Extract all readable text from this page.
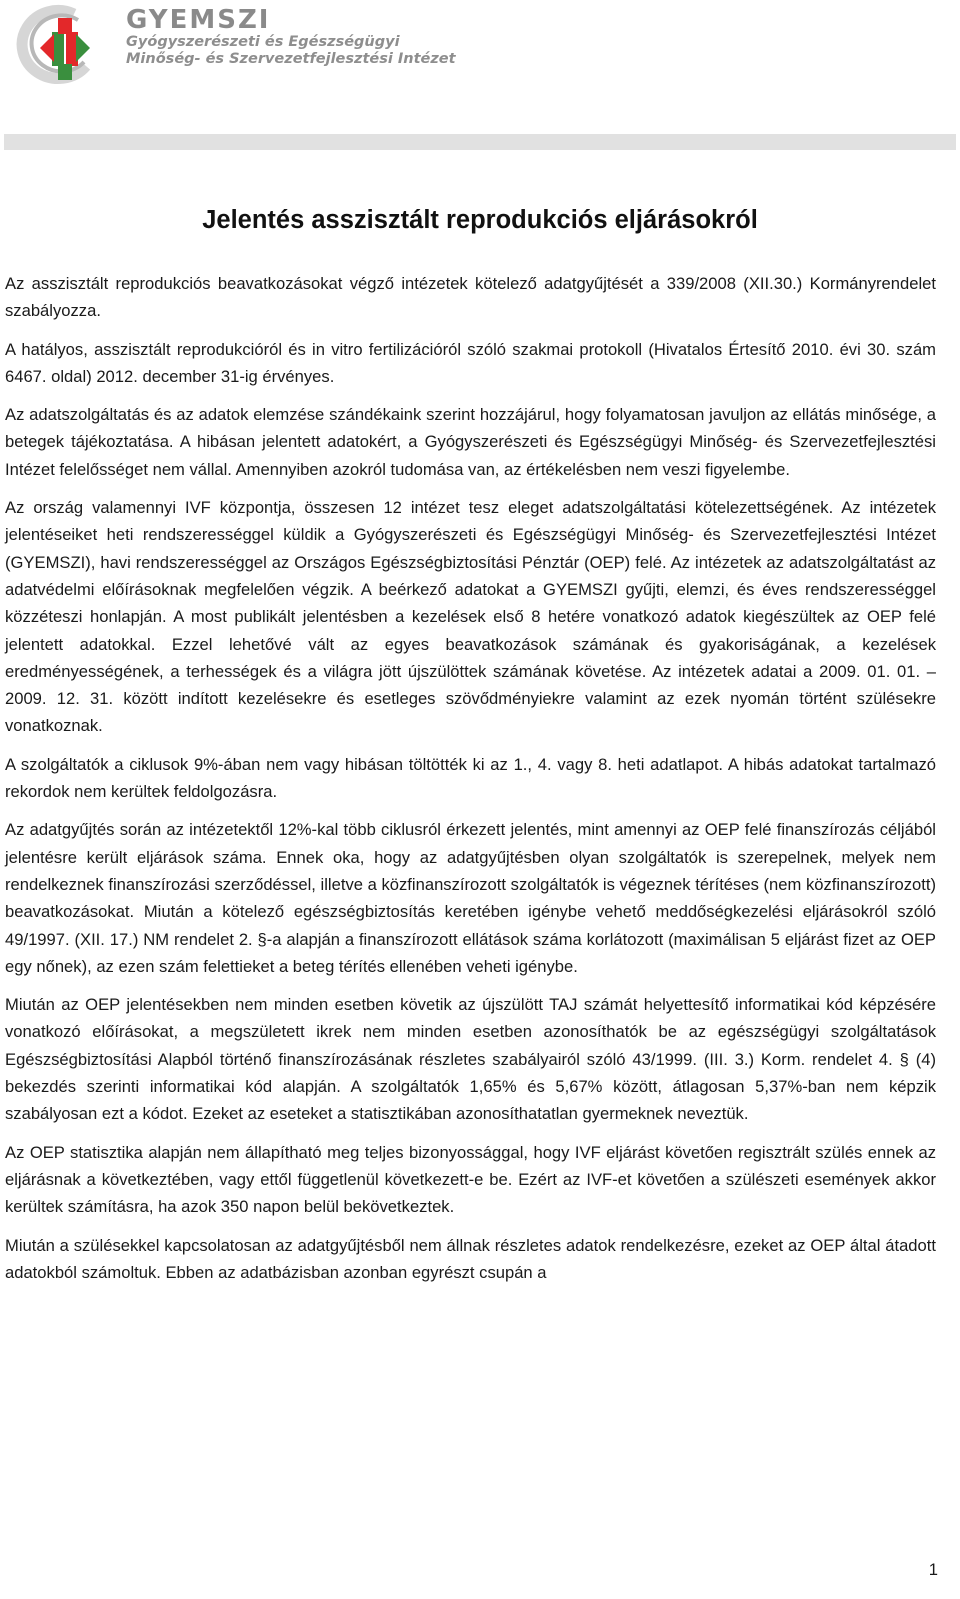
GYEMSZI
Gyógyszerészeti és Egészségügyi
Minőség- és Szervezetfejlesztési Intézet
Jelentés asszisztált reprodukciós eljárásokról

Az asszisztált reprodukciós beavatkozásokat végző intézetek kötelező adatgyűjtését a 339/2008 (XII.30.) Kormányrendelet szabályozza.

A hatályos, asszisztált reprodukcióról és in vitro fertilizációról szóló szakmai protokoll (Hivatalos Értesítő 2010. évi 30. szám 6467. oldal) 2012. december 31-ig érvényes.

Az adatszolgáltatás és az adatok elemzése szándékaink szerint hozzájárul, hogy folyamatosan javuljon az ellátás minősége, a betegek tájékoztatása. A hibásan jelentett adatokért, a Gyógyszerészeti és Egészségügyi Minőség- és Szervezetfejlesztési Intézet felelősséget nem vállal. Amennyiben azokról tudomása van, az értékelésben nem veszi figyelembe.

Az ország valamennyi IVF központja, összesen 12 intézet tesz eleget adatszolgáltatási kötelezettségének. Az intézetek jelentéseiket heti rendszerességgel küldik a Gyógyszerészeti és Egészségügyi Minőség- és Szervezetfejlesztési Intézet (GYEMSZI), havi rendszerességgel az Országos Egészségbiztosítási Pénztár (OEP) felé. Az intézetek az adatszolgáltatást az adatvédelmi előírásoknak megfelelően végzik. A beérkező adatokat a GYEMSZI gyűjti, elemzi, és éves rendszerességgel közzéteszi honlapján. A most publikált jelentésben a kezelések első 8 hetére vonatkozó adatok kiegészültek az OEP felé jelentett adatokkal. Ezzel lehetővé vált az egyes beavatkozások számának és gyakoriságának, a kezelések eredményességének, a terhességek és a világra jött újszülöttek számának követése. Az intézetek adatai a 2009. 01. 01. – 2009. 12. 31. között indított kezelésekre és esetleges szövődményiekre valamint az ezek nyomán történt szülésekre vonatkoznak.

A szolgáltatók a ciklusok 9%-ában nem vagy hibásan töltötték ki az 1., 4. vagy 8. heti adatlapot. A hibás adatokat tartalmazó rekordok nem kerültek feldolgozásra.

Az adatgyűjtés során az intézetektől 12%-kal több ciklusról érkezett jelentés, mint amennyi az OEP felé finanszírozás céljából jelentésre került eljárások száma. Ennek oka, hogy az adatgyűjtésben olyan szolgáltatók is szerepelnek, melyek nem rendelkeznek finanszírozási szerződéssel, illetve a közfinanszírozott szolgáltatók is végeznek térítéses (nem közfinanszírozott) beavatkozásokat. Miután a kötelező egészségbiztosítás keretében igénybe vehető meddőségkezelési eljárásokról szóló 49/1997. (XII. 17.) NM rendelet 2. §-a alapján a finanszírozott ellátások száma korlátozott (maximálisan 5 eljárást fizet az OEP egy nőnek), az ezen szám felettieket a beteg térítés ellenében veheti igénybe.

Miután az OEP jelentésekben nem minden esetben követik az újszülött TAJ számát helyettesítő informatikai kód képzésére vonatkozó előírásokat, a megszületett ikrek nem minden esetben azonosíthatók be az egészségügyi szolgáltatások Egészségbiztosítási Alapból történő finanszírozásának részletes szabályairól szóló 43/1999. (III. 3.) Korm. rendelet 4. § (4) bekezdés szerinti informatikai kód alapján. A szolgáltatók 1,65% és 5,67% között, átlagosan 5,37%-ban nem képzik szabályosan ezt a kódot. Ezeket az eseteket a statisztikában azonosíthatatlan gyermeknek neveztük.

Az OEP statisztika alapján nem állapítható meg teljes bizonyossággal, hogy IVF eljárást követően regisztrált szülés ennek az eljárásnak a következtében, vagy ettől függetlenül következett-e be. Ezért az IVF-et követően a szülészeti események akkor kerültek számításra, ha azok 350 napon belül bekövetkeztek.

Miután a szülésekkel kapcsolatosan az adatgyűjtésből nem állnak részletes adatok rendelkezésre, ezeket az OEP által átadott adatokból számoltuk. Ebben az adatbázisban azonban egyrészt csupán a

1
